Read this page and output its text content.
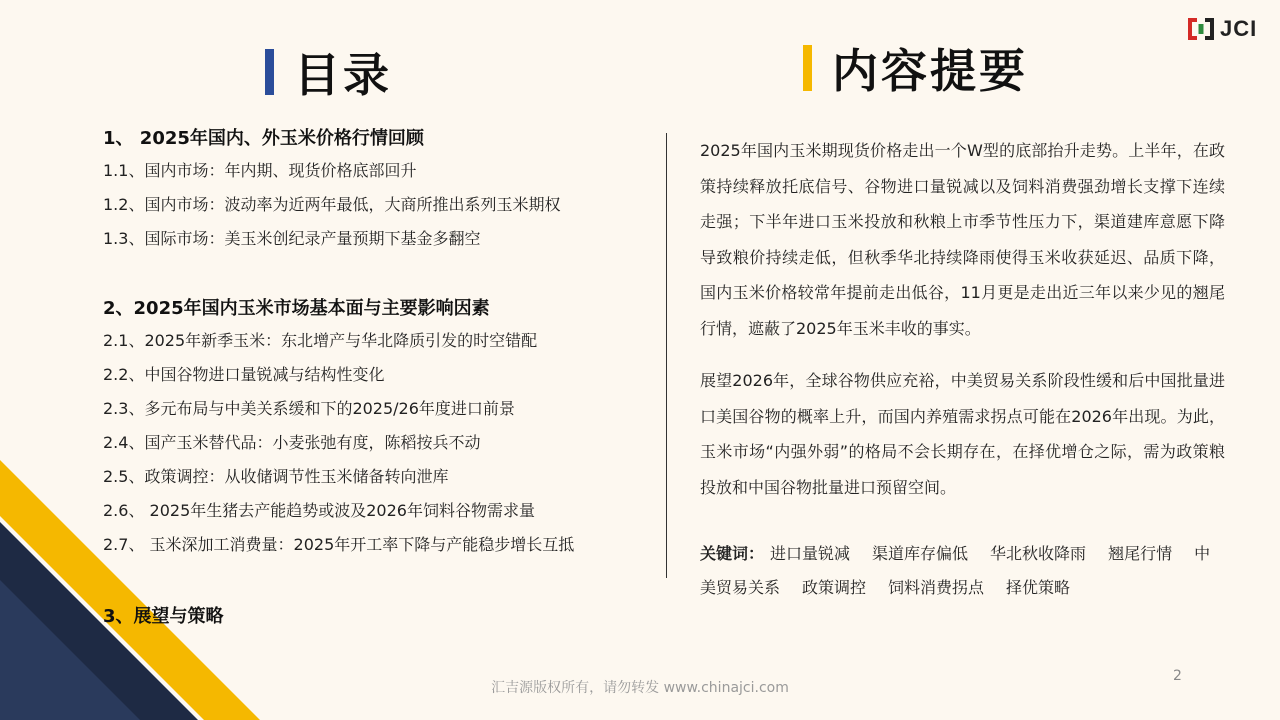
JCI
目录	内容提要
1、 2025年国内、外玉米价格行情回顾
1.1、国内市场：年内期、现货价格底部回升
1.2、国内市场：波动率为近两年最低，大商所推出系列玉米期权
1.3、国际市场：美玉米创纪录产量预期下基金多翻空
2、2025年国内玉米市场基本面与主要影响因素
2.1、2025年新季玉米：东北增产与华北降质引发的时空错配
2.2、中国谷物进口量锐减与结构性变化
2.3、多元布局与中美关系缓和下的2025/26年度进口前景
2.4、国产玉米替代品：小麦张弛有度，陈稻按兵不动
2.5、政策调控：从收储调节性玉米储备转向泄库
2.6、 2025年生猪去产能趋势或波及2026年饲料谷物需求量
2.7、 玉米深加工消费量：2025年开工率下降与产能稳步增长互抵
3、展望与策略

2025年国内玉米期现货价格走出一个W型的底部抬升走势。上半年，在政策持续释放托底信号、谷物进口量锐减以及饲料消费强劲增长支撑下连续走强；下半年进口玉米投放和秋粮上市季节性压力下，渠道建库意愿下降导致粮价持续走低，但秋季华北持续降雨使得玉米收获延迟、品质下降，国内玉米价格较常年提前走出低谷，11月更是走出近三年以来少见的翘尾行情，遮蔽了2025年玉米丰收的事实。

展望2026年，全球谷物供应充裕，中美贸易关系阶段性缓和后中国批量进口美国谷物的概率上升，而国内养殖需求拐点可能在2026年出现。为此，玉米市场“内强外弱”的格局不会长期存在，在择优增仓之际，需为政策粮投放和中国谷物批量进口预留空间。

关键词： 进口量锐减 渠道库存偏低 华北秋收降雨 翘尾行情 中美贸易关系 政策调控 饲料消费拐点 择优策略
汇吉源版权所有，请勿转发 www.chinajci.com
2
